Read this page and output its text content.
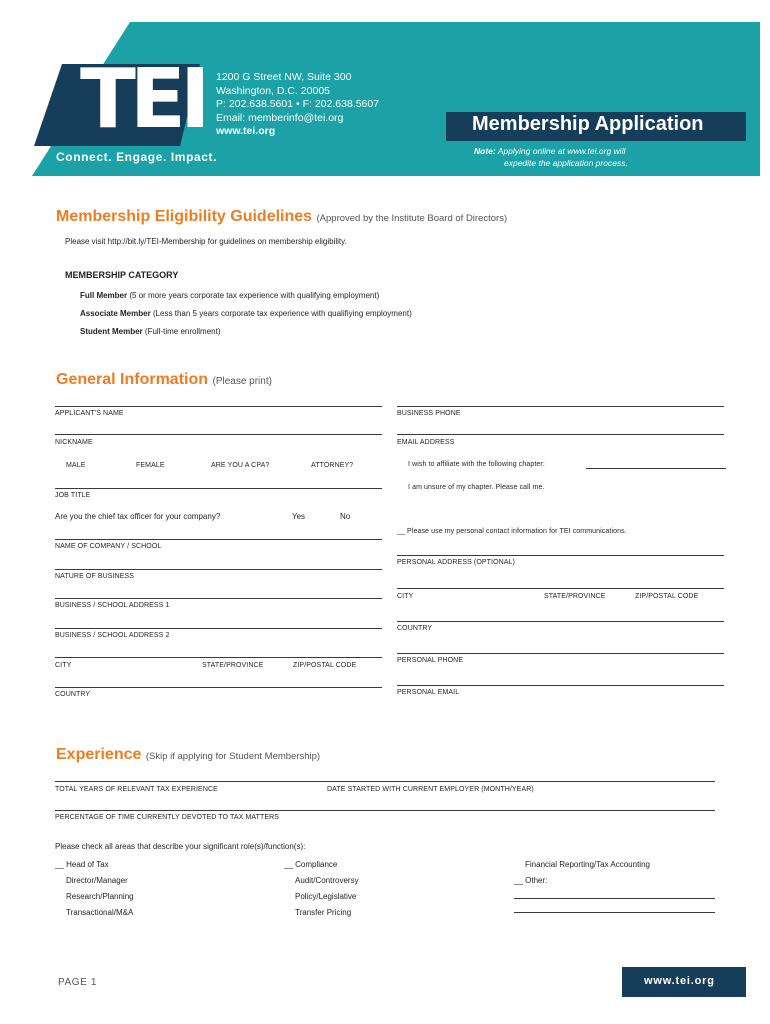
TEI
Connect. Engage. Impact.
1200 G Street NW, Suite 300
Washington, D.C. 20005
P: 202.638.5601 • F: 202.638.5607
Email: memberinfo@tei.org
www.tei.org	Membership Application
Note: Applying online at www.tei.org will
expedite the application process.
Membership Eligibility Guidelines (Approved by the Institute Board of Directors)
Please visit http://bit.ly/TEI-Membership for guidelines on membership eligibility.
MEMBERSHIP CATEGORY
Full Member (5 or more years corporate tax experience with qualifying employment)
Associate Member (Less than 5 years corporate tax experience with qualifiying employment)
Student Member (Full-time enrollment)
General Information (Please print)
APPLICANT'S NAME
NICKNAME
MALE	FEMALE	ARE YOU A CPA?	ATTORNEY?
JOB TITLE
Are you the chief tax officer for your company?	Yes	No
NAME OF COMPANY / SCHOOL
NATURE OF BUSINESS
BUSINESS / SCHOOL ADDRESS 1
BUSINESS / SCHOOL ADDRESS 2
CITY	STATE/PROVINCE	ZIP/POSTAL CODE
COUNTRY
BUSINESS PHONE
EMAIL ADDRESS
I wish to affiliate with the following chapter:
I am unsure of my chapter. Please call me.
__ Please use my personal contact information for TEI communications.
PERSONAL ADDRESS (OPTIONAL)
CITY	STATE/PROVINCE	ZIP/POSTAL CODE
COUNTRY
PERSONAL PHONE
PERSONAL EMAIL
Experience (Skip if applying for Student Membership)
TOTAL YEARS OF RELEVANT TAX EXPERIENCE	DATE STARTED WITH CURRENT EMPLOYER (MONTH/YEAR)
PERCENTAGE OF TIME CURRENTLY DEVOTED TO TAX MATTERS
Please check all areas that describe your significant role(s)/function(s):
__ Head of Tax
Director/Manager
Research/Planning
Transactional/M&A
__ Compliance
Audit/Controversy
Policy/Legislative
Transfer Pricing
Financial Reporting/Tax Accounting
__ Other:
PAGE 1	www.tei.org
